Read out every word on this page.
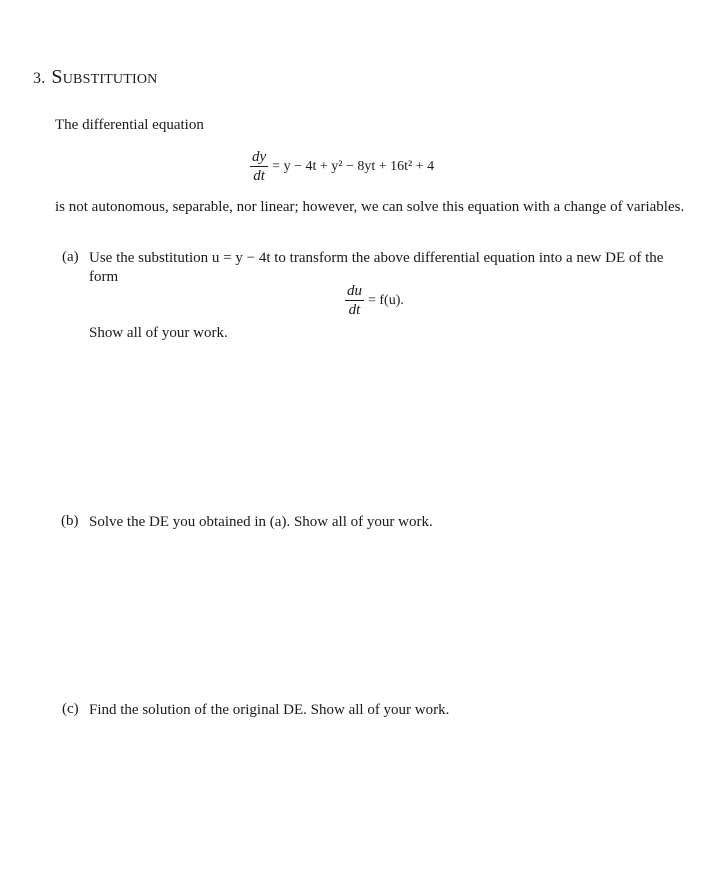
3. Substitution
The differential equation
$\frac{dy}{dt} = y - 4t + y^2 - 8yt + 16t^2 + 4$
is not autonomous, separable, nor linear; however, we can solve this equation with a change of variables.
(a) Use the substitution u = y − 4t to transform the above differential equation into a new DE of the form
$\frac{du}{dt} = f(u)$.
Show all of your work.
(b) Solve the DE you obtained in (a). Show all of your work.
(c) Find the solution of the original DE. Show all of your work.
